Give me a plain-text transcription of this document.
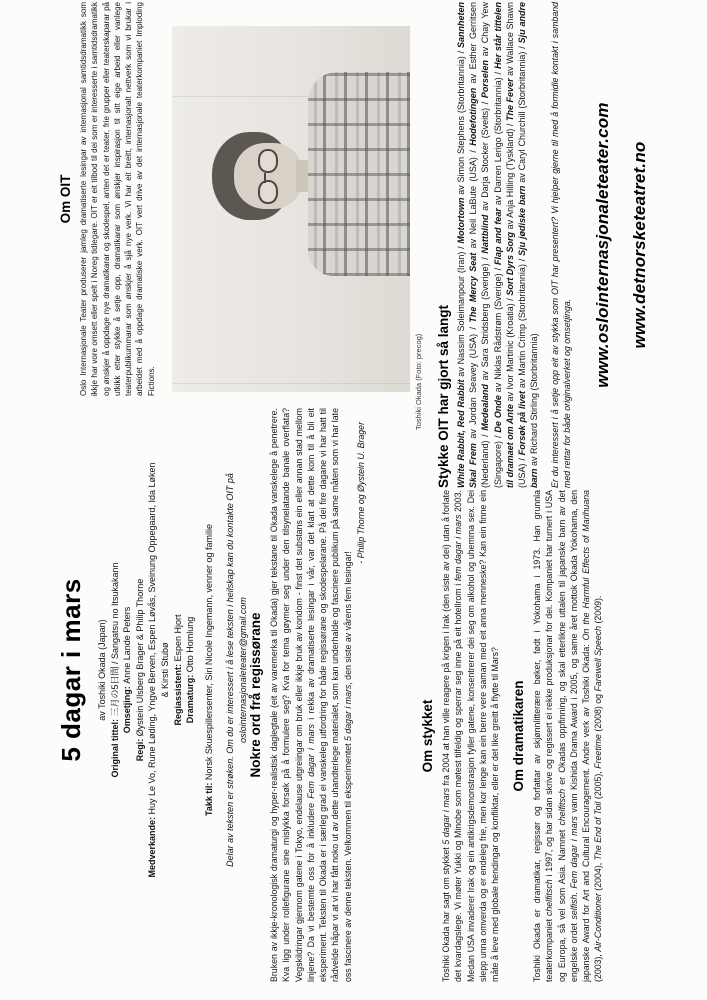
5 dagar i mars av Toshiki Okada (Japan)
Original tittel: 三月の5日間 / Sangatsu no Itsukakann Omsetjing: Anne Lande Peters
Regi: Øystein Ulsberg Brager & Philip Thorne
Medverkande: Huy Le Vo, Rune Løding, Yngve Berven, Espen Løvås, Sveinung Oppegaard, Ida Løken & Kirsti Stubø Regiassistent: Espen Hjort
Dramaturg: Otto Homlung
Takk til: Norsk Skuespillersenter, Siri Nicole Ingemann, venner og familie Delar av teksten er strøken. Om du er interessert i å lese teksten i heilskap kan du kontakte OIT på oslointernasjonaleteater@gmail.com
Om OIT Oslo Internasjonale Teater produserer jamleg dramatiserte lesingar av internasjonal samtidsdramatikk som ikkje har vore omsett eller spelt i Noreg tidlegare. OIT er eit tilbod til dei som er interesserte i samtidsdramatikk og ønskjer å oppdage nye dramatikarar og skodespel, anten det er teater, frie grupper eller teaterskaparar på utkikk etter stykke å setje opp, dramatikarar som ønskjer inspirasjon til sitt eige arbeid eller vanlege teaterpublikummarar som ønskjer å sjå nye verk. Vi har eit breitt, internasjonalt nettverk som vi brukar i arbeidet med å oppdage dramatiske verk. OIT vert drive av det internasjonale teaterkompaniet Imploding Fictions.	Toshiki Okada (Foto: precog)
Nokre ord frå regissørane Bruken av ikkje-kronologisk dramaturgi og hyper-realistisk daglegtale (eit av varemerka til Okada) gjer tekstane til Okada vanskelege å penetrere. Kva ligg under rollefigurane sine mislykka forsøk på å formulere seg? Kva for tema gøymer seg under den tilsynelatande banale overflata? Vegskildringar gjennom gatene i Tokyo, endelause utgreiingar om bruk eller ikkje bruk av kondom - finst det substans ein eller annan stad mellom linjene? Da vi bestemte oss for å inkludere Fem dagar i mars i rekka av dramatiserte lesingar i vår, var det klart at dette kom til å bli eit eksperiment. Teksten til Okada er i særleg grad ei vanskeleg utfordring for både regissørane og skodespelarane. På dei fire dagane vi har hatt til rådvelde håpar vi at vi har fått noko ut av dette uhandterlege materialet, som kan underhalde og fascinere publikum på same måten som vi har late oss fascinere av denne teksten. Velkommen til eksperimentet 5 dagar i mars, den siste av vårens fem lesingar!
- Philip Thorne og Øystein U. Brager
Om stykket
Toshiki Okada har sagt om stykket 5 dagar i mars fra 2004 at han ville reagere på krigen i Irak (den siste av dei) utan å forlate det kvardagslege. Vi møter Yukki og Minobe som møtest tilfeldig og sperrar seg inne på eit hotellrom i fem dagar i mars 2003. Medan USA invaderer Irak og ein antikrigsdemonstrasjon fyller gatene, konsentrerer dei seg om alkohol og uhemma sex. Dei slepp unna omverda og er endeleg frie, men kor lenge kan ein berre vere saman med eit anna menneske? Kan ein finne ein måte å leve med globale hendingar og konfliktar, eller er det like greitt å flytte til Mars? Om dramatikaren Toshiki Okada er dramatikar, regissør og forfattar av skjønnlitterære bøker, født i Yokohama i 1973. Han grunnla teaterkompaniet chelfitsch i 1997, og har sidan skrive og regissert ei rekke produksjonar for dei. Kompaniet har turnert i USA og Europa, så vel som Asia. Namnet chelfitsch er Okadas oppfinning, og skal etterlikne uttalen til japanske barn av det engelske ordet selfish. Fem dagar i mars vann Kishida Drama Award i 2005, og same året mottok Okada Yokohama, den japanske Award for Art and Cultural Encouragement. Andre verk av Toshiki Okada: On the Harmful Effects of Marihuana (2003), Air-Conditioner (2004), The End of Toil (2005), Freetime (2008) og Farewell Speech (2009).
Stykke OIT har gjort så langt White Rabbit, Red Rabbit av Nassim Soleimanpour (Iran) / Motortown av Simon Stephens (Storbritannia) / Sannheten Skal Frem av Jordan Seavey (USA) / The Mercy Seat av Neil LaBute (USA) / Hodefotingen av Esther Gerritsen (Nederland) / Medealand av Sara Stridsberg (Sverige) / Nattblind av Darja Stocker (Sveits) / Porselen av Chay Yew (Singapore) / De Onde av Niklas Rådstrøm (Sverige) / Flap and fear av Darren Lerigo (Storbritannia) / Her står tittelen til dramaet om Ante av Ivor Martinic (Kroatia) / Sort Dyrs Sorg av Anja Hilling (Tyskland) / The Fever av Wallace Shawn (USA) / Forsøk på livet av Martin Crimp (Storbritannia) / Sju jødiske barn av Caryl Churchill (Storbritannia) / Sju andre barn av Richard Stirling (Storbritannia) Er du interessert i å setje opp eit av stykka som OIT har presentert? Vi hjelper gjerne til med å formidle kontakt i samband med rettar for både originalverket og omsetjinga.
www.oslointernasjonaleteater.com www.detnorsketeatret.no
